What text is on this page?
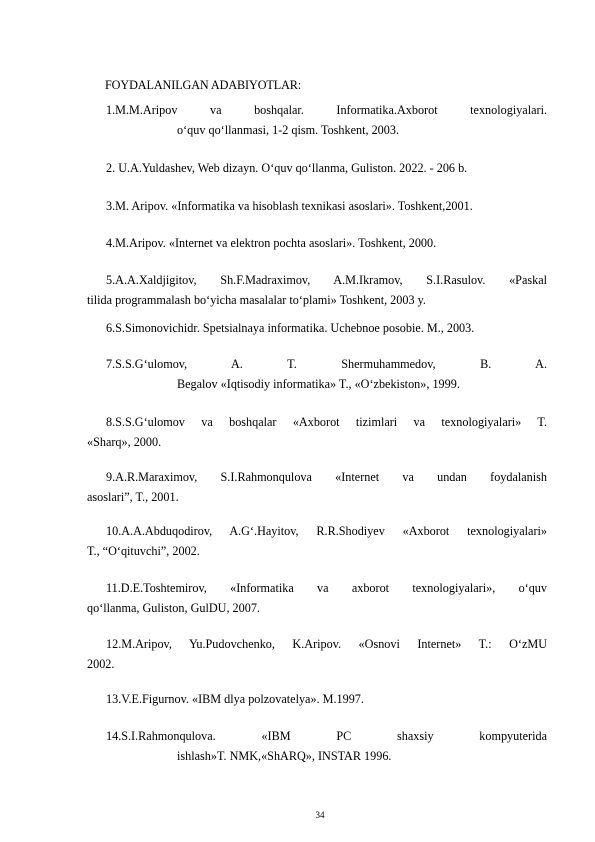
FOYDALANILGAN ADABIYOTLAR:
1.M.M.Aripov va boshqalar. Informatika.Axborot texnologiyalari.
o‘quv qo‘llanmasi, 1-2 qism. Toshkent, 2003.
2. U.A.Yuldashev, Web dizayn. O‘quv qo‘llanma, Guliston. 2022. - 206 b.
3.M. Aripov. «Informatika va hisoblash texnikasi asoslari». Toshkent,2001.
4.M.Aripov. «Internet va elektron pochta asoslari». Toshkent, 2000.
5.A.A.Xaldjigitov, Sh.F.Madraximov, A.M.Ikramov, S.I.Rasulov. «Paskal
tilida programmalash bo‘yicha masalalar to‘plami» Toshkent, 2003 y.
6.S.Simonovichidr. Spetsialnaya informatika. Uchebnoe posobie. M., 2003.
7.S.S.G‘ulomov, A. T. Shermuhammedov, B. A.
Begalov «Iqtisodiy informatika» T., «O‘zbekiston», 1999.
8.S.S.G‘ulomov va boshqalar «Axborot tizimlari va texnologiyalari» T.
«Sharq», 2000.
9.A.R.Maraximov, S.I.Rahmonqulova «Internet va undan foydalanish
asoslari”, T., 2001.
10.A.A.Abduqodirov, A.G‘.Hayitov, R.R.Shodiyev «Axborot texnologiyalari»
T., “O‘qituvchi”, 2002.
11.D.E.Toshtemirov, «Informatika va axborot texnologiyalari», o‘quv
qo‘llanma, Guliston, GulDU, 2007.
12.M.Aripov, Yu.Pudovchenko, K.Aripov. «Osnovi Internet» T.: O‘zMU
2002.
13.V.E.Figurnov. «IBM dlya polzovatelya». M.1997.
14.S.I.Rahmonqulova. «IBM PC shaxsiy kompyuterida
ishlash»T. NMK,«ShARQ», INSTAR 1996.
34
